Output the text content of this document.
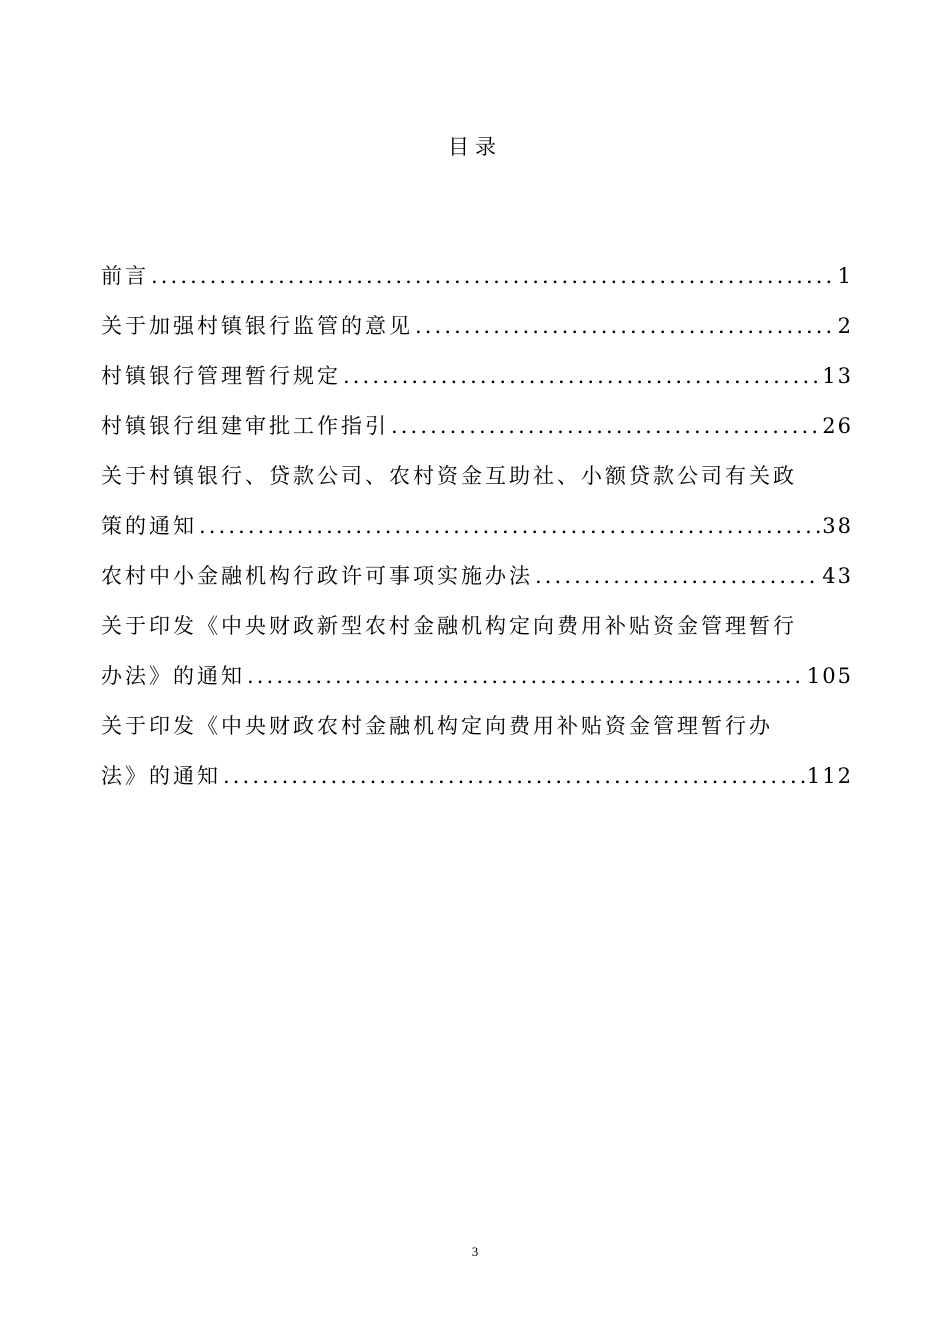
目录
前言 .....	1
关于加强村镇银行监管的意见 .....	2
村镇银行管理暂行规定 .....	13
村镇银行组建审批工作指引 .....	26
关于村镇银行、贷款公司、农村资金互助社、小额贷款公司有关政
策的通知 .....	38
农村中小金融机构行政许可事项实施办法 .....	43
关于印发《中央财政新型农村金融机构定向费用补贴资金管理暂行
办法》的通知 .....	105
关于印发《中央财政农村金融机构定向费用补贴资金管理暂行办
法》的通知 .....	112
3
